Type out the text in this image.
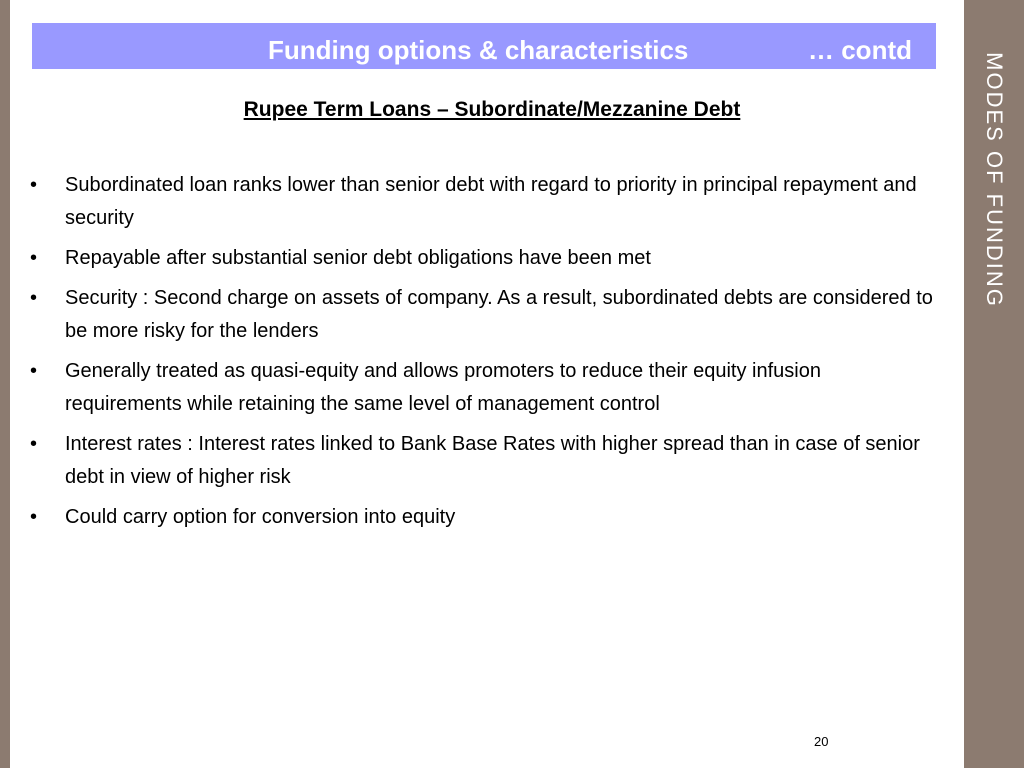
MODES OF FUNDING
Funding options & characteristics	… contd
Rupee Term Loans – Subordinate/Mezzanine Debt
• Subordinated loan ranks lower than senior debt with regard to priority in principal repayment and security
• Repayable after substantial senior debt obligations have been met
• Security : Second charge on assets of company. As a result, subordinated debts are considered to be more risky for the lenders
• Generally treated as quasi-equity and allows promoters to reduce their equity infusion requirements while retaining the same level of management control
• Interest rates : Interest rates linked to Bank Base Rates with higher spread than in case of senior debt in view of higher risk
• Could carry option for conversion into equity
20
